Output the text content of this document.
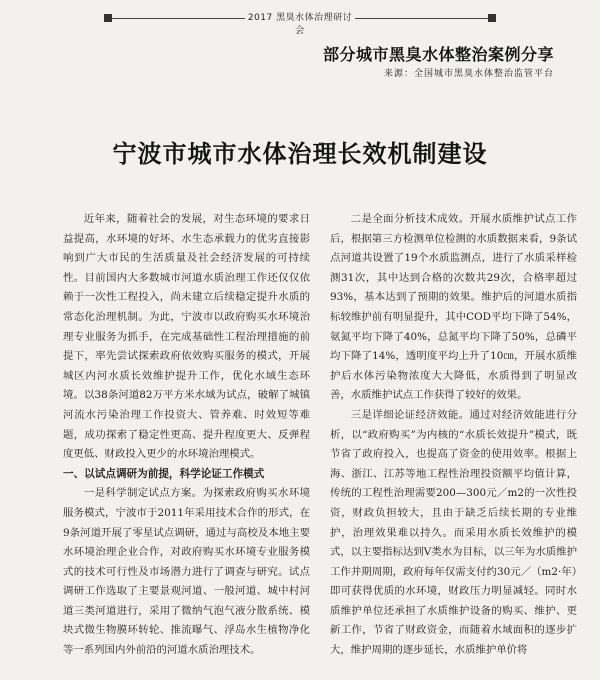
2017 黑臭水体治理研讨会
部分城市黑臭水体整治案例分享
来源：全国城市黑臭水体整治监管平台
宁波市城市水体治理长效机制建设

近年来，随着社会的发展，对生态环境的要求日益提高，水环境的好坏、水生态承载力的优劣直接影响到广大市民的生活质量及社会经济发展的可持续性。目前国内大多数城市河道水质治理工作还仅仅依赖于一次性工程投入，尚未建立后续稳定提升水质的常态化治理机制。为此，宁波市以政府购买水环境治理专业服务为抓手，在完成基础性工程治理措施的前提下，率先尝试探索政府依效购买服务的模式，开展城区内河水质长效维护提升工作，优化水域生态环境。以38条河道82万平方米水域为试点，破解了城镇河流水污染治理工作投资大、管养难、时效短等难题，成功探索了稳定性更高、提升程度更大、反弹程度更低、财政投入更少的水环境治理模式。

一、以试点调研为前提，科学论证工作模式

一是科学制定试点方案。为探索政府购买水环境服务模式，宁波市于2011年采用技术合作的形式，在9条河道开展了零星试点调研，通过与高校及本地主要水环境治理企业合作，对政府购买水环境专业服务模式的技术可行性及市场潜力进行了调查与研究。试点调研工作选取了主要景观河道、一般河道、城中村河道三类河道进行，采用了微纳气泡气液分散系统、模块式微生物膜环转轮、推流曝气、浮岛水生植物净化等一系列国内外前沿的河道水质治理技术。

二是全面分析技术成效。开展水质维护试点工作后，根据第三方检测单位检测的水质数据来看，9条试点河道共设置了19个水质监测点，进行了水质采样检测31次，其中达到合格的次数共29次，合格率超过93%，基本达到了预期的效果。维护后的河道水质指标较维护前有明显提升，其中COD平均下降了54%，氨氮平均下降了40%，总氮平均下降了50%，总磷平均下降了14%，透明度平均上升了10㎝，开展水质维护后水体污染物浓度大大降低，水质得到了明显改善，水质维护试点工作获得了较好的效果。

三是详细论证经济效能。通过对经济效能进行分析，以“政府购买”为内核的“水质长效提升”模式，既节省了政府投入，也提高了资金的使用效率。根据上海、浙江、江苏等地工程性治理投资额平均值计算，传统的工程性治理需要200—300元／m2的一次性投资，财政负担较大，且由于缺乏后续长期的专业维护，治理效果难以持久。而采用水质长效维护的模式，以主要指标达到V类水为目标，以三年为水质维护工作并期周期，政府每年仅需支付约30元／（m2·年）即可获得优质的水环境，财政压力明显减轻。同时水质维护单位还承担了水质维护设备的购买、维护、更新工作，节省了财政资金，而随着水域面积的逐步扩大，维护周期的逐步延长，水质维护单价将
